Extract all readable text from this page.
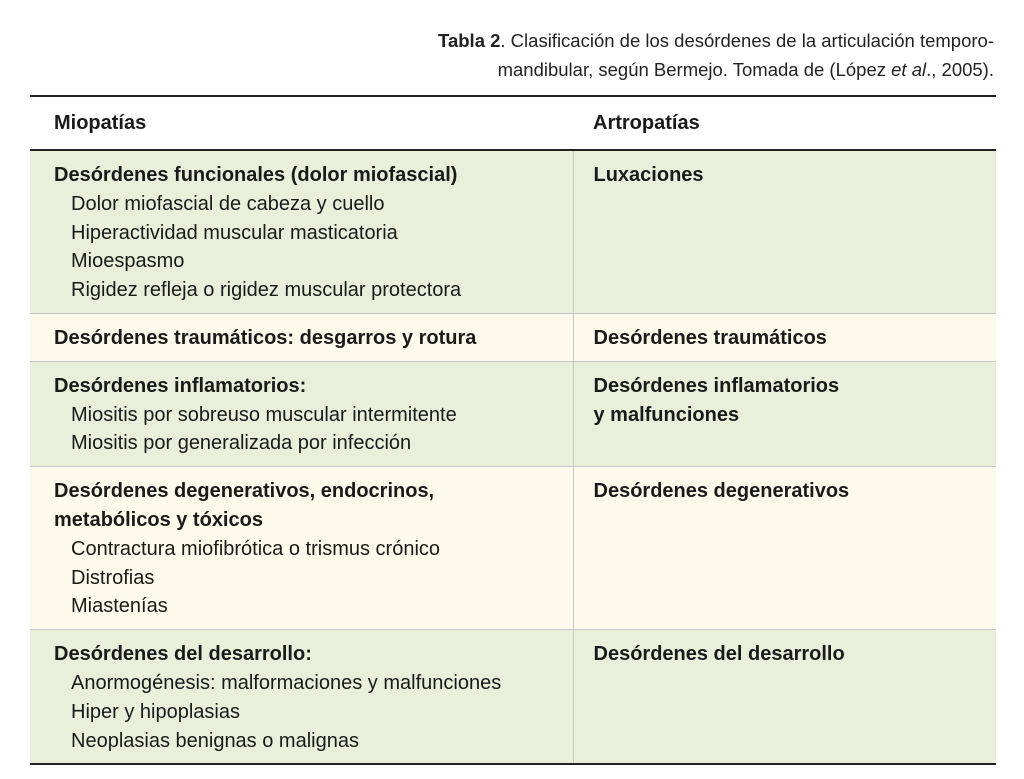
Tabla 2. Clasificación de los desórdenes de la articulación temporo-
mandibular, según Bermejo. Tomada de (López et al., 2005).
Miopatías	Artropatías

Desórdenes funcionales (dolor miofascial)
Dolor miofascial de cabeza y cuello
Hiperactividad muscular masticatoria
Mioespasmo
Rigidez refleja o rigidez muscular protectora	Luxaciones

Desórdenes traumáticos: desgarros y rotura	Desórdenes traumáticos

Desórdenes inflamatorios:
Miositis por sobreuso muscular intermitente
Miositis por generalizada por infección	Desórdenes inflamatorios
y malfunciones

Desórdenes degenerativos, endocrinos,
metabólicos y tóxicos
Contractura miofibrótica o trismus crónico
Distrofias
Miastenías	Desórdenes degenerativos

Desórdenes del desarrollo:
Anormogénesis: malformaciones y malfunciones
Hiper y hipoplasias
Neoplasias benignas o malignas	Desórdenes del desarrollo
